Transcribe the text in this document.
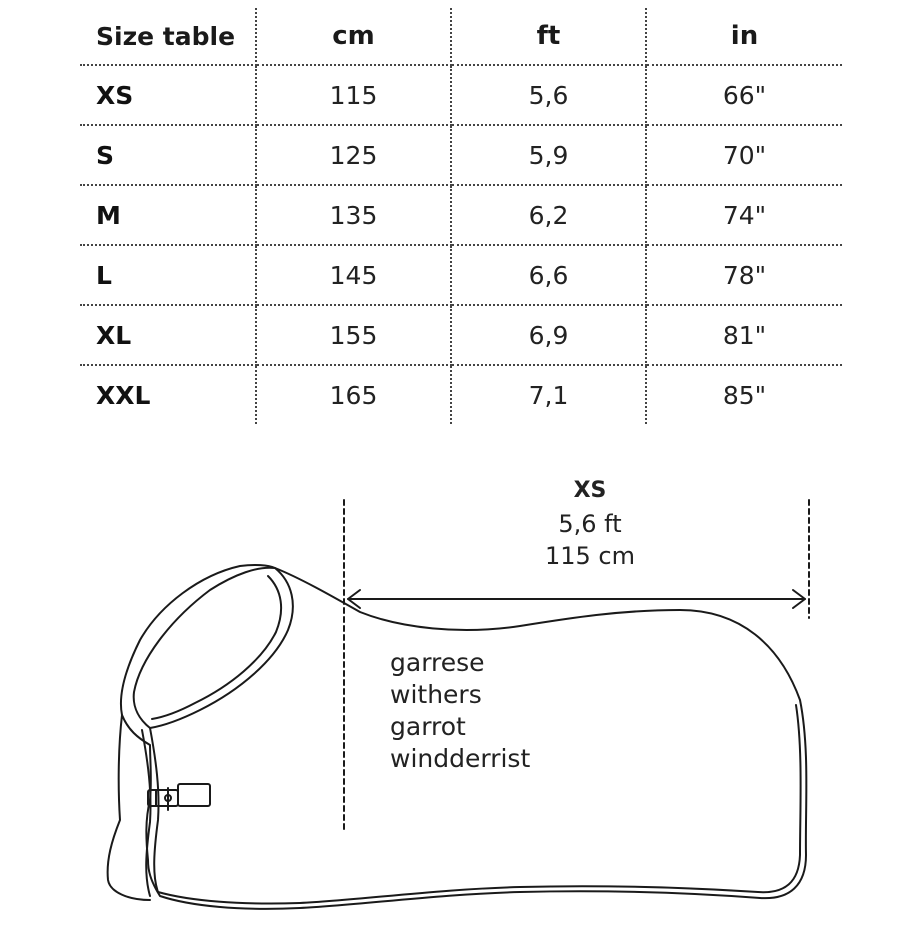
Size table	cm	ft	in
XS	115	5,6	66"
S	125	5,9	70"
M	135	6,2	74"
L	145	6,6	78"
XL	155	6,9	81"
XXL	165	7,1	85"
XS
5,6 ft
115 cm
garrese
withers
garrot
windderrist
